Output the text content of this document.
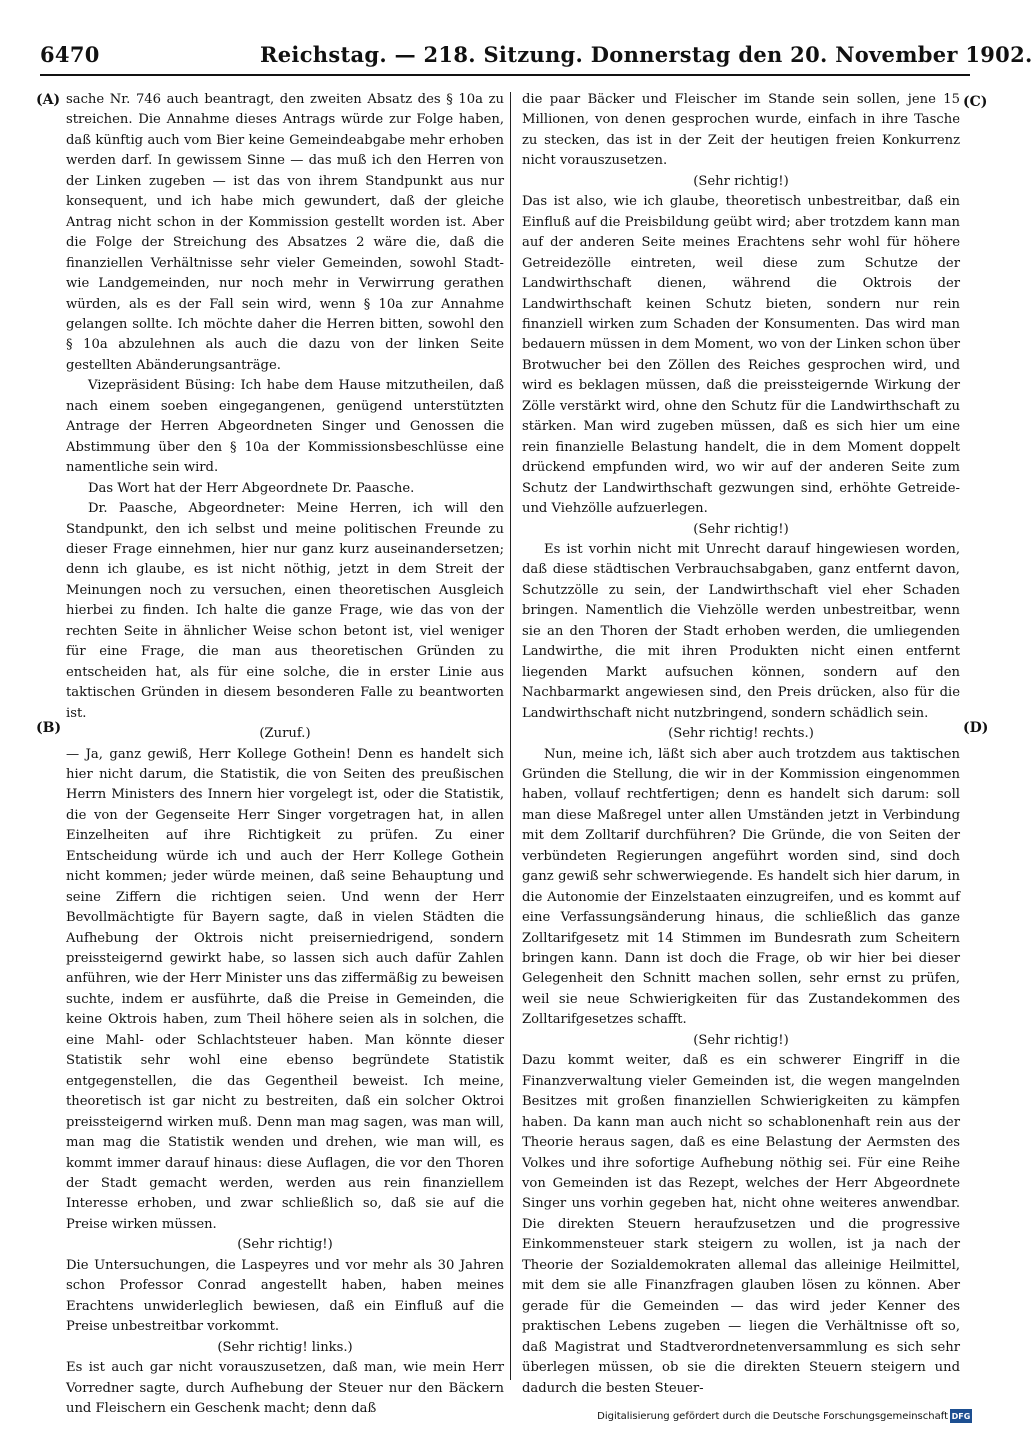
6470	Reichstag. — 218. Sitzung. Donnerstag den 20. November 1902.
(A)
(B)
(C)
(D)

sache Nr. 746 auch beantragt, den zweiten Absatz des § 10a zu streichen. Die Annahme dieses Antrags würde zur Folge haben, daß künftig auch vom Bier keine Gemeindeabgabe mehr erhoben werden darf. In gewissem Sinne — das muß ich den Herren von der Linken zugeben — ist das von ihrem Standpunkt aus nur konsequent, und ich habe mich gewundert, daß der gleiche Antrag nicht schon in der Kommission gestellt worden ist. Aber die Folge der Streichung des Absatzes 2 wäre die, daß die finanziellen Verhältnisse sehr vieler Gemeinden, sowohl Stadt- wie Landgemeinden, nur noch mehr in Verwirrung gerathen würden, als es der Fall sein wird, wenn § 10a zur Annahme gelangen sollte. Ich möchte daher die Herren bitten, sowohl den § 10a abzulehnen als auch die dazu von der linken Seite gestellten Abänderungsanträge.

Vizepräsident Büsing: Ich habe dem Hause mitzutheilen, daß nach einem soeben eingegangenen, genügend unterstützten Antrage der Herren Abgeordneten Singer und Genossen die Abstimmung über den § 10a der Kommissionsbeschlüsse eine namentliche sein wird.

Das Wort hat der Herr Abgeordnete Dr. Paasche.

Dr. Paasche, Abgeordneter: Meine Herren, ich will den Standpunkt, den ich selbst und meine politischen Freunde zu dieser Frage einnehmen, hier nur ganz kurz auseinandersetzen; denn ich glaube, es ist nicht nöthig, jetzt in dem Streit der Meinungen noch zu versuchen, einen theoretischen Ausgleich hierbei zu finden. Ich halte die ganze Frage, wie das von der rechten Seite in ähnlicher Weise schon betont ist, viel weniger für eine Frage, die man aus theoretischen Gründen zu entscheiden hat, als für eine solche, die in erster Linie aus taktischen Gründen in diesem besonderen Falle zu beantworten ist.

(Zuruf.)

— Ja, ganz gewiß, Herr Kollege Gothein! Denn es handelt sich hier nicht darum, die Statistik, die von Seiten des preußischen Herrn Ministers des Innern hier vorgelegt ist, oder die Statistik, die von der Gegenseite Herr Singer vorgetragen hat, in allen Einzelheiten auf ihre Richtigkeit zu prüfen. Zu einer Entscheidung würde ich und auch der Herr Kollege Gothein nicht kommen; jeder würde meinen, daß seine Behauptung und seine Ziffern die richtigen seien. Und wenn der Herr Bevollmächtigte für Bayern sagte, daß in vielen Städten die Aufhebung der Oktrois nicht preiserniedrigend, sondern preissteigernd gewirkt habe, so lassen sich auch dafür Zahlen anführen, wie der Herr Minister uns das ziffermäßig zu beweisen suchte, indem er ausführte, daß die Preise in Gemeinden, die keine Oktrois haben, zum Theil höhere seien als in solchen, die eine Mahl- oder Schlachtsteuer haben. Man könnte dieser Statistik sehr wohl eine ebenso begründete Statistik entgegenstellen, die das Gegentheil beweist. Ich meine, theoretisch ist gar nicht zu bestreiten, daß ein solcher Oktroi preissteigernd wirken muß. Denn man mag sagen, was man will, man mag die Statistik wenden und drehen, wie man will, es kommt immer darauf hinaus: diese Auflagen, die vor den Thoren der Stadt gemacht werden, werden aus rein finanziellem Interesse erhoben, und zwar schließlich so, daß sie auf die Preise wirken müssen.

(Sehr richtig!)

Die Untersuchungen, die Laspeyres und vor mehr als 30 Jahren schon Professor Conrad angestellt haben, haben meines Erachtens unwiderleglich bewiesen, daß ein Einfluß auf die Preise unbestreitbar vorkommt.

(Sehr richtig! links.)

Es ist auch gar nicht vorauszusetzen, daß man, wie mein Herr Vorredner sagte, durch Aufhebung der Steuer nur den Bäckern und Fleischern ein Geschenk macht; denn daß

die paar Bäcker und Fleischer im Stande sein sollen, jene 15 Millionen, von denen gesprochen wurde, einfach in ihre Tasche zu stecken, das ist in der Zeit der heutigen freien Konkurrenz nicht vorauszusetzen.

(Sehr richtig!)

Das ist also, wie ich glaube, theoretisch unbestreitbar, daß ein Einfluß auf die Preisbildung geübt wird; aber trotzdem kann man auf der anderen Seite meines Erachtens sehr wohl für höhere Getreidezölle eintreten, weil diese zum Schutze der Landwirthschaft dienen, während die Oktrois der Landwirthschaft keinen Schutz bieten, sondern nur rein finanziell wirken zum Schaden der Konsumenten. Das wird man bedauern müssen in dem Moment, wo von der Linken schon über Brotwucher bei den Zöllen des Reiches gesprochen wird, und wird es beklagen müssen, daß die preissteigernde Wirkung der Zölle verstärkt wird, ohne den Schutz für die Landwirthschaft zu stärken. Man wird zugeben müssen, daß es sich hier um eine rein finanzielle Belastung handelt, die in dem Moment doppelt drückend empfunden wird, wo wir auf der anderen Seite zum Schutz der Landwirthschaft gezwungen sind, erhöhte Getreide- und Viehzölle aufzuerlegen.

(Sehr richtig!)

Es ist vorhin nicht mit Unrecht darauf hingewiesen worden, daß diese städtischen Verbrauchsabgaben, ganz entfernt davon, Schutzzölle zu sein, der Landwirthschaft viel eher Schaden bringen. Namentlich die Viehzölle werden unbestreitbar, wenn sie an den Thoren der Stadt erhoben werden, die umliegenden Landwirthe, die mit ihren Produkten nicht einen entfernt liegenden Markt aufsuchen können, sondern auf den Nachbarmarkt angewiesen sind, den Preis drücken, also für die Landwirthschaft nicht nutzbringend, sondern schädlich sein.

(Sehr richtig! rechts.)

Nun, meine ich, läßt sich aber auch trotzdem aus taktischen Gründen die Stellung, die wir in der Kommission eingenommen haben, vollauf rechtfertigen; denn es handelt sich darum: soll man diese Maßregel unter allen Umständen jetzt in Verbindung mit dem Zolltarif durchführen? Die Gründe, die von Seiten der verbündeten Regierungen angeführt worden sind, sind doch ganz gewiß sehr schwerwiegende. Es handelt sich hier darum, in die Autonomie der Einzelstaaten einzugreifen, und es kommt auf eine Verfassungsänderung hinaus, die schließlich das ganze Zolltarifgesetz mit 14 Stimmen im Bundesrath zum Scheitern bringen kann. Dann ist doch die Frage, ob wir hier bei dieser Gelegenheit den Schnitt machen sollen, sehr ernst zu prüfen, weil sie neue Schwierigkeiten für das Zustandekommen des Zolltarifgesetzes schafft.

(Sehr richtig!)

Dazu kommt weiter, daß es ein schwerer Eingriff in die Finanzverwaltung vieler Gemeinden ist, die wegen mangelnden Besitzes mit großen finanziellen Schwierigkeiten zu kämpfen haben. Da kann man auch nicht so schablonenhaft rein aus der Theorie heraus sagen, daß es eine Belastung der Aermsten des Volkes und ihre sofortige Aufhebung nöthig sei. Für eine Reihe von Gemeinden ist das Rezept, welches der Herr Abgeordnete Singer uns vorhin gegeben hat, nicht ohne weiteres anwendbar. Die direkten Steuern heraufzusetzen und die progressive Einkommensteuer stark steigern zu wollen, ist ja nach der Theorie der Sozialdemokraten allemal das alleinige Heilmittel, mit dem sie alle Finanzfragen glauben lösen zu können. Aber gerade für die Gemeinden — das wird jeder Kenner des praktischen Lebens zugeben — liegen die Verhältnisse oft so, daß Magistrat und Stadtverordnetenversammlung es sich sehr überlegen müssen, ob sie die direkten Steuern steigern und dadurch die besten Steuer-

Digitalisierung gefördert durch die Deutsche Forschungsgemeinschaft DFG
